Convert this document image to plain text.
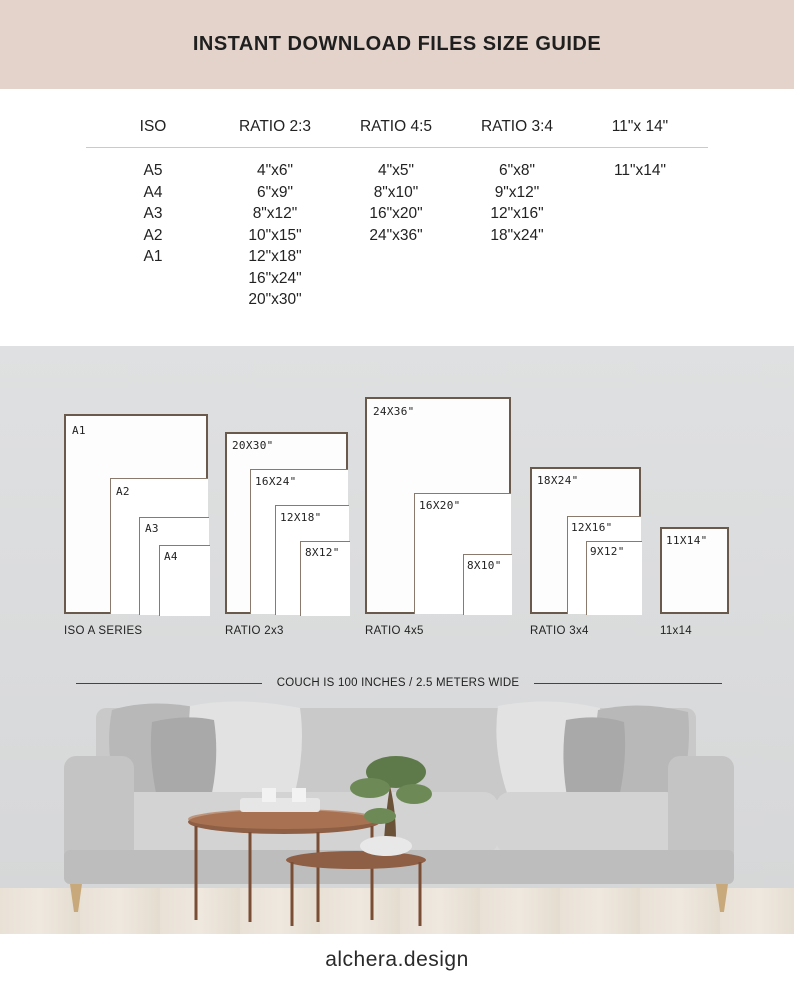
INSTANT DOWNLOAD FILES SIZE GUIDE
ISO
A5
A4
A3
A2
A1
RATIO 2:3
4"x6"
6"x9"
8"x12"
10"x15"
12"x18"
16"x24"
20"x30"
RATIO 4:5
4"x5"
8"x10"
16"x20"
24"x36"
RATIO 3:4
6"x8"
9"x12"
12"x16"
18"x24"
11"x 14"
11"x14"
A1
A2
A3
A4
ISO A SERIES
20X30"
16X24"
12X18"
8X12"
RATIO 2x3
24X36"
16X20"
8X10"
RATIO 4x5
18X24"
12X16"
9X12"
RATIO 3x4
11X14"
11x14
COUCH IS 100 INCHES / 2.5 METERS WIDE
alchera.design
